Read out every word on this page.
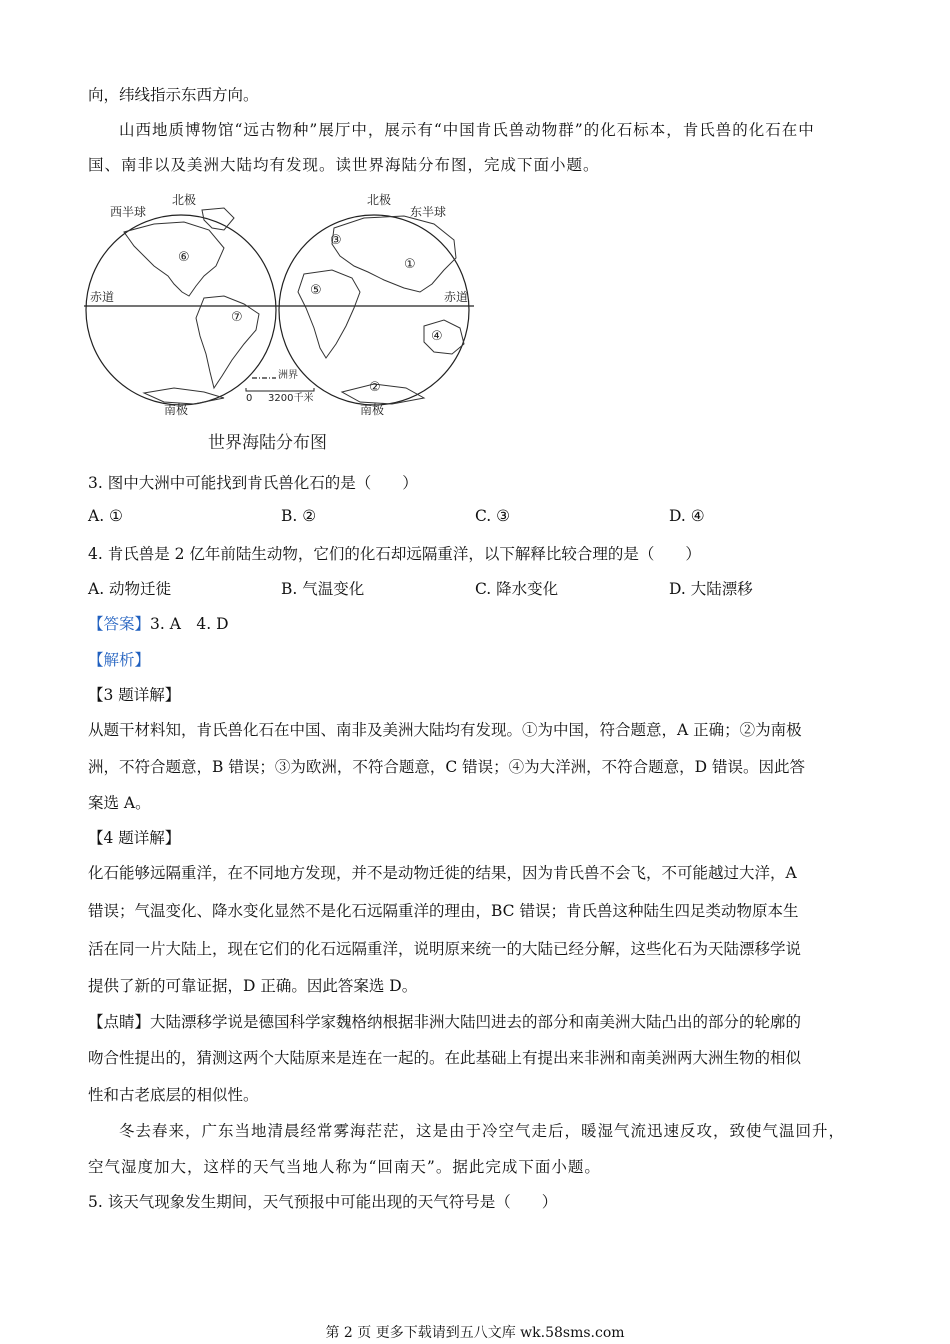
向，纬线指示东西方向。
山西地质博物馆“远古物种”展厅中，展示有“中国肯氏兽动物群”的化石标本，肯氏兽的化石在中
国、南非以及美洲大陆均有发现。读世界海陆分布图，完成下面小题。
北极
西半球
北极
东半球
赤道	赤道
南极	南极
洲界
0 3200千米
①
②
③
④
⑤
⑥
⑦
世界海陆分布图
3. 图中大洲中可能找到肯氏兽化石的是（　　）
A. ①	B. ②	C. ③	D. ④
4. 肯氏兽是 2 亿年前陆生动物，它们的化石却远隔重洋，以下解释比较合理的是（　　）
A. 动物迁徙	B. 气温变化	C. 降水变化	D. 大陆漂移
【答案】3. A　4. D
【解析】
【3 题详解】
从题干材料知，肯氏兽化石在中国、南非及美洲大陆均有发现。①为中国，符合题意，A 正确；②为南极
洲，不符合题意，B 错误；③为欧洲，不符合题意，C 错误；④为大洋洲，不符合题意，D 错误。因此答
案选 A。
【4 题详解】
化石能够远隔重洋，在不同地方发现，并不是动物迁徙的结果，因为肯氏兽不会飞，不可能越过大洋，A
错误；气温变化、降水变化显然不是化石远隔重洋的理由，BC 错误；肯氏兽这种陆生四足类动物原本生
活在同一片大陆上，现在它们的化石远隔重洋，说明原来统一的大陆已经分解，这些化石为天陆漂移学说
提供了新的可靠证据，D 正确。因此答案选 D。
【点睛】大陆漂移学说是德国科学家魏格纳根据非洲大陆凹进去的部分和南美洲大陆凸出的部分的轮廓的
吻合性提出的，猜测这两个大陆原来是连在一起的。在此基础上有提出来非洲和南美洲两大洲生物的相似
性和古老底层的相似性。
冬去春来，广东当地清晨经常雾海茫茫，这是由于冷空气走后，暖湿气流迅速反攻，致使气温回升，
空气湿度加大，这样的天气当地人称为“回南天”。据此完成下面小题。
5. 该天气现象发生期间，天气预报中可能出现的天气符号是（　　）
第 2 页 更多下载请到五八文库 wk.58sms.com
